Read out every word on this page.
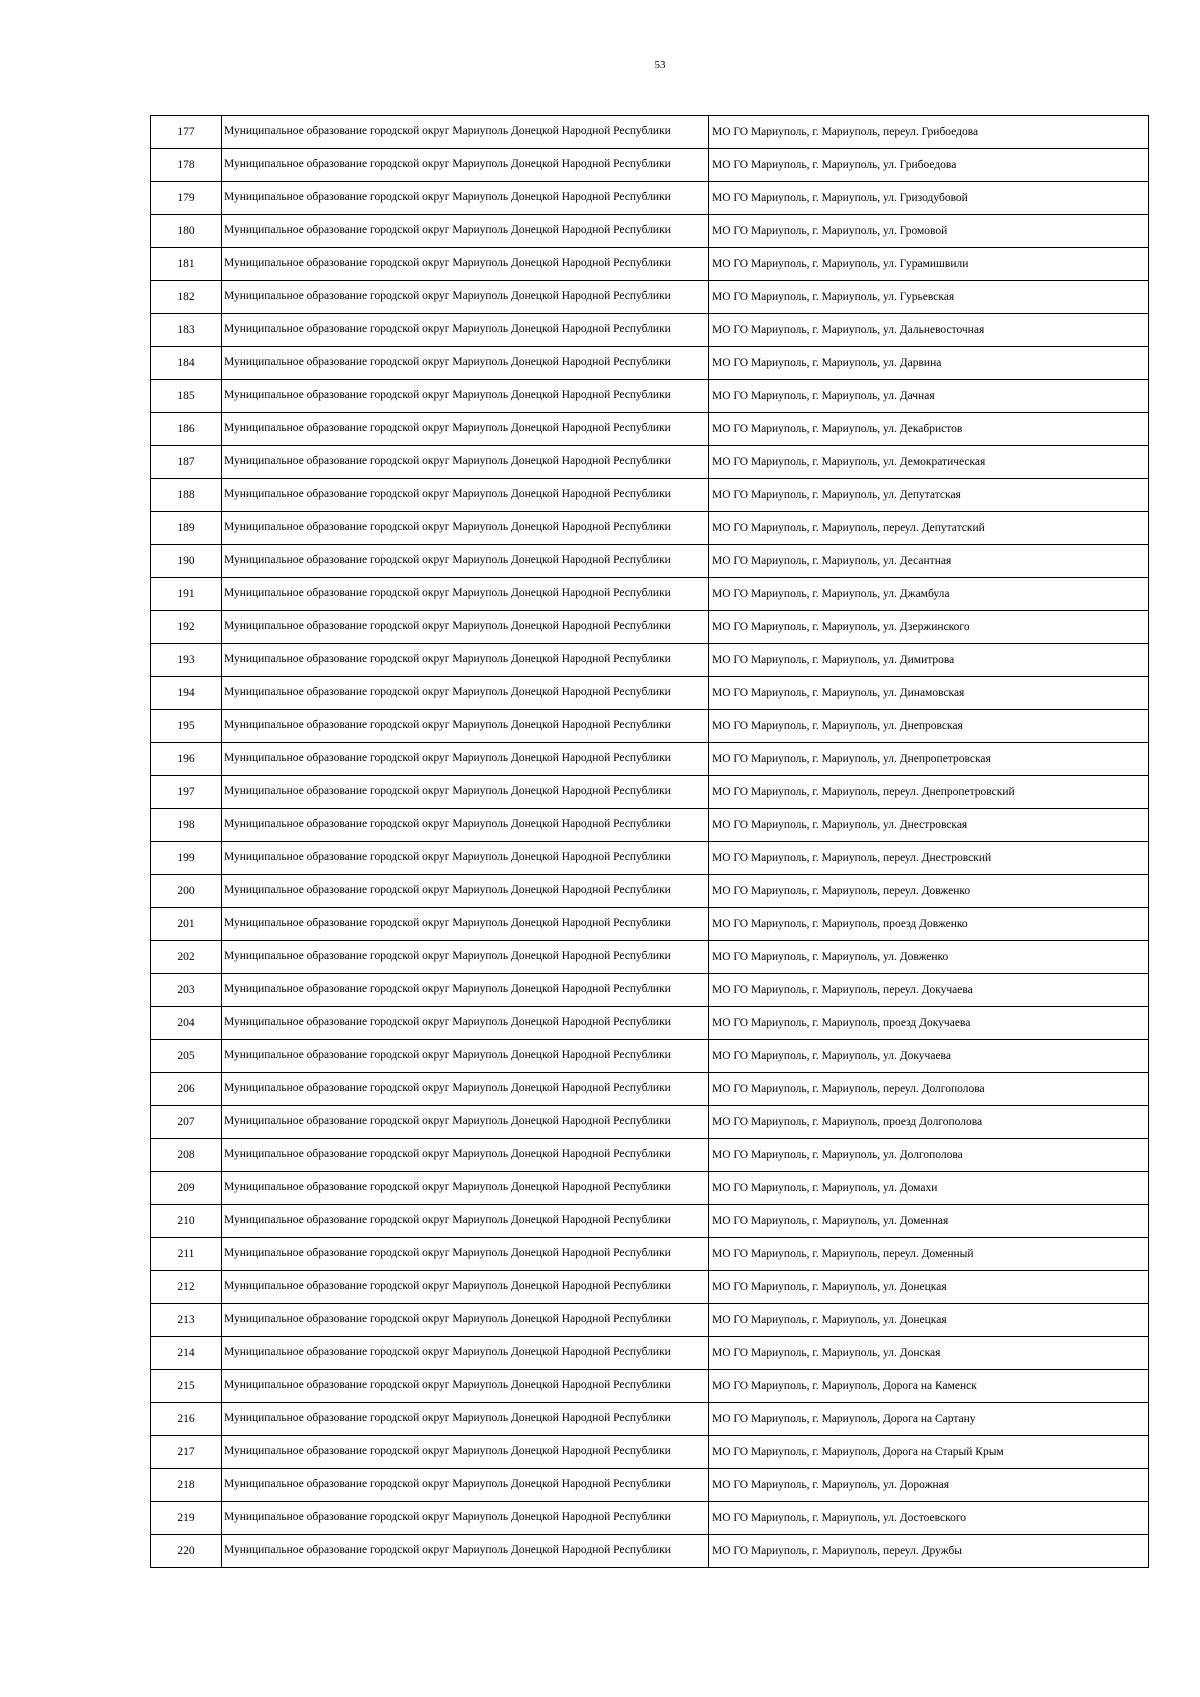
53
177	Муниципальное образование городской округ Мариуполь Донецкой Народной Республики	МО ГО Мариуполь, г. Мариуполь, переул. Грибоедова
178	Муниципальное образование городской округ Мариуполь Донецкой Народной Республики	МО ГО Мариуполь, г. Мариуполь, ул. Грибоедова
179	Муниципальное образование городской округ Мариуполь Донецкой Народной Республики	МО ГО Мариуполь, г. Мариуполь, ул. Гризодубовой
180	Муниципальное образование городской округ Мариуполь Донецкой Народной Республики	МО ГО Мариуполь, г. Мариуполь, ул. Громовой
181	Муниципальное образование городской округ Мариуполь Донецкой Народной Республики	МО ГО Мариуполь, г. Мариуполь, ул. Гурамишвили
182	Муниципальное образование городской округ Мариуполь Донецкой Народной Республики	МО ГО Мариуполь, г. Мариуполь, ул. Гурьевская
183	Муниципальное образование городской округ Мариуполь Донецкой Народной Республики	МО ГО Мариуполь, г. Мариуполь, ул. Дальневосточная
184	Муниципальное образование городской округ Мариуполь Донецкой Народной Республики	МО ГО Мариуполь, г. Мариуполь, ул. Дарвина
185	Муниципальное образование городской округ Мариуполь Донецкой Народной Республики	МО ГО Мариуполь, г. Мариуполь, ул. Дачная
186	Муниципальное образование городской округ Мариуполь Донецкой Народной Республики	МО ГО Мариуполь, г. Мариуполь, ул. Декабристов
187	Муниципальное образование городской округ Мариуполь Донецкой Народной Республики	МО ГО Мариуполь, г. Мариуполь, ул. Демократическая
188	Муниципальное образование городской округ Мариуполь Донецкой Народной Республики	МО ГО Мариуполь, г. Мариуполь, ул. Депутатская
189	Муниципальное образование городской округ Мариуполь Донецкой Народной Республики	МО ГО Мариуполь, г. Мариуполь, переул. Депутатский
190	Муниципальное образование городской округ Мариуполь Донецкой Народной Республики	МО ГО Мариуполь, г. Мариуполь, ул. Десантная
191	Муниципальное образование городской округ Мариуполь Донецкой Народной Республики	МО ГО Мариуполь, г. Мариуполь, ул. Джамбула
192	Муниципальное образование городской округ Мариуполь Донецкой Народной Республики	МО ГО Мариуполь, г. Мариуполь, ул. Дзержинского
193	Муниципальное образование городской округ Мариуполь Донецкой Народной Республики	МО ГО Мариуполь, г. Мариуполь, ул. Димитрова
194	Муниципальное образование городской округ Мариуполь Донецкой Народной Республики	МО ГО Мариуполь, г. Мариуполь, ул. Динамовская
195	Муниципальное образование городской округ Мариуполь Донецкой Народной Республики	МО ГО Мариуполь, г. Мариуполь, ул. Днепровская
196	Муниципальное образование городской округ Мариуполь Донецкой Народной Республики	МО ГО Мариуполь, г. Мариуполь, ул. Днепропетровская
197	Муниципальное образование городской округ Мариуполь Донецкой Народной Республики	МО ГО Мариуполь, г. Мариуполь, переул. Днепропетровский
198	Муниципальное образование городской округ Мариуполь Донецкой Народной Республики	МО ГО Мариуполь, г. Мариуполь, ул. Днестровская
199	Муниципальное образование городской округ Мариуполь Донецкой Народной Республики	МО ГО Мариуполь, г. Мариуполь, переул. Днестровский
200	Муниципальное образование городской округ Мариуполь Донецкой Народной Республики	МО ГО Мариуполь, г. Мариуполь, переул. Довженко
201	Муниципальное образование городской округ Мариуполь Донецкой Народной Республики	МО ГО Мариуполь, г. Мариуполь, проезд Довженко
202	Муниципальное образование городской округ Мариуполь Донецкой Народной Республики	МО ГО Мариуполь, г. Мариуполь, ул. Довженко
203	Муниципальное образование городской округ Мариуполь Донецкой Народной Республики	МО ГО Мариуполь, г. Мариуполь, переул. Докучаева
204	Муниципальное образование городской округ Мариуполь Донецкой Народной Республики	МО ГО Мариуполь, г. Мариуполь, проезд Докучаева
205	Муниципальное образование городской округ Мариуполь Донецкой Народной Республики	МО ГО Мариуполь, г. Мариуполь, ул. Докучаева
206	Муниципальное образование городской округ Мариуполь Донецкой Народной Республики	МО ГО Мариуполь, г. Мариуполь, переул. Долгополова
207	Муниципальное образование городской округ Мариуполь Донецкой Народной Республики	МО ГО Мариуполь, г. Мариуполь, проезд Долгополова
208	Муниципальное образование городской округ Мариуполь Донецкой Народной Республики	МО ГО Мариуполь, г. Мариуполь, ул. Долгополова
209	Муниципальное образование городской округ Мариуполь Донецкой Народной Республики	МО ГО Мариуполь, г. Мариуполь, ул. Домахи
210	Муниципальное образование городской округ Мариуполь Донецкой Народной Республики	МО ГО Мариуполь, г. Мариуполь, ул. Доменная
211	Муниципальное образование городской округ Мариуполь Донецкой Народной Республики	МО ГО Мариуполь, г. Мариуполь, переул. Доменный
212	Муниципальное образование городской округ Мариуполь Донецкой Народной Республики	МО ГО Мариуполь, г. Мариуполь, ул. Донецкая
213	Муниципальное образование городской округ Мариуполь Донецкой Народной Республики	МО ГО Мариуполь, г. Мариуполь, ул. Донецкая
214	Муниципальное образование городской округ Мариуполь Донецкой Народной Республики	МО ГО Мариуполь, г. Мариуполь, ул. Донская
215	Муниципальное образование городской округ Мариуполь Донецкой Народной Республики	МО ГО Мариуполь, г. Мариуполь, Дорога на Каменск
216	Муниципальное образование городской округ Мариуполь Донецкой Народной Республики	МО ГО Мариуполь, г. Мариуполь, Дорога на Сартану
217	Муниципальное образование городской округ Мариуполь Донецкой Народной Республики	МО ГО Мариуполь, г. Мариуполь, Дорога на Старый Крым
218	Муниципальное образование городской округ Мариуполь Донецкой Народной Республики	МО ГО Мариуполь, г. Мариуполь, ул. Дорожная
219	Муниципальное образование городской округ Мариуполь Донецкой Народной Республики	МО ГО Мариуполь, г. Мариуполь, ул. Достоевского
220	Муниципальное образование городской округ Мариуполь Донецкой Народной Республики	МО ГО Мариуполь, г. Мариуполь, переул. Дружбы
